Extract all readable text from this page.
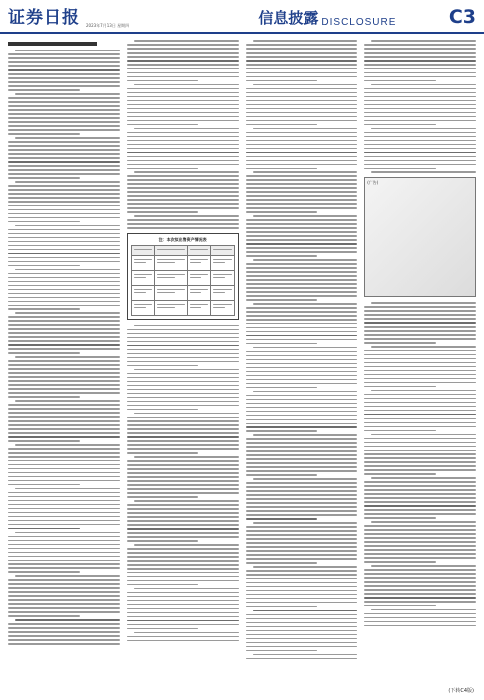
证券日报 2023年7月13日 星期四	信息披露 DISCLOSURE	C3
注：本次拟出售资产情况表
(广告)
(下转C4版)
